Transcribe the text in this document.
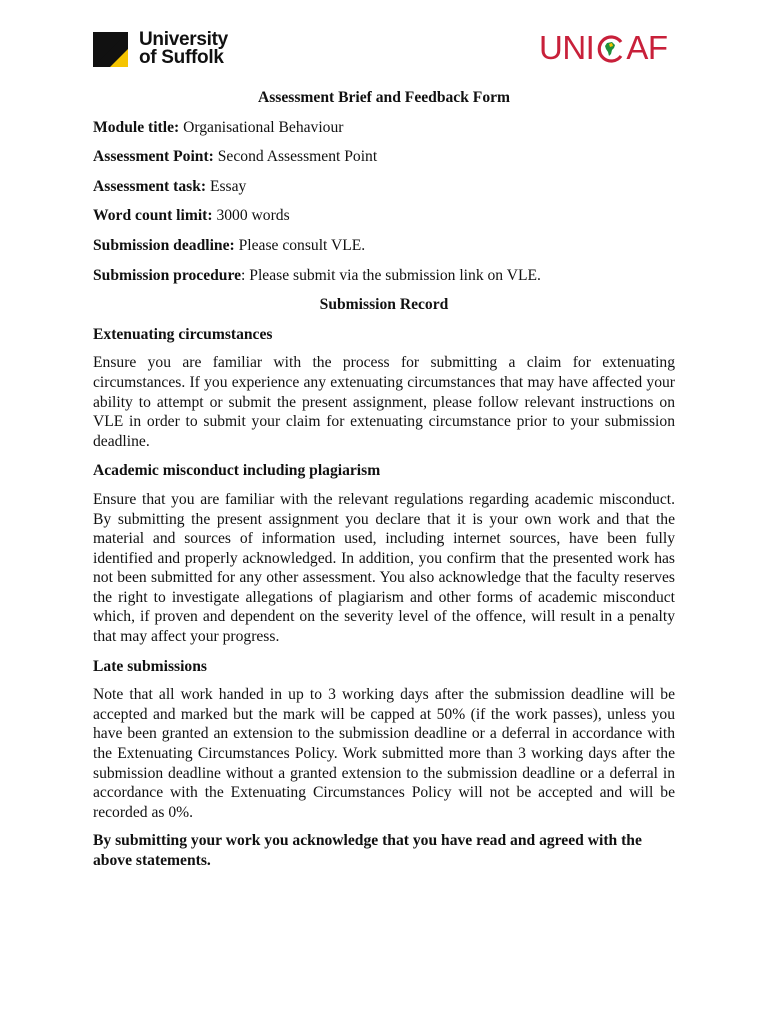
University
of Suffolk	UNI AF
Assessment Brief and Feedback Form
Module title: Organisational Behaviour
Assessment Point: Second Assessment Point
Assessment task: Essay
Word count limit: 3000 words
Submission deadline: Please consult VLE.
Submission procedure: Please submit via the submission link on VLE.
Submission Record
Extenuating circumstances
Ensure you are familiar with the process for submitting a claim for extenuating circumstances. If you experience any extenuating circumstances that may have affected your ability to attempt or submit the present assignment, please follow relevant instructions on VLE in order to submit your claim for extenuating circumstance prior to your submission deadline.
Academic misconduct including plagiarism
Ensure that you are familiar with the relevant regulations regarding academic misconduct. By submitting the present assignment you declare that it is your own work and that the material and sources of information used, including internet sources, have been fully identified and properly acknowledged. In addition, you confirm that the presented work has not been submitted for any other assessment. You also acknowledge that the faculty reserves the right to investigate allegations of plagiarism and other forms of academic misconduct which, if proven and dependent on the severity level of the offence, will result in a penalty that may affect your progress.
Late submissions
Note that all work handed in up to 3 working days after the submission deadline will be accepted and marked but the mark will be capped at 50% (if the work passes), unless you have been granted an extension to the submission deadline or a deferral in accordance with the Extenuating Circumstances Policy. Work submitted more than 3 working days after the submission deadline without a granted extension to the submission deadline or a deferral in accordance with the Extenuating Circumstances Policy will not be accepted and will be recorded as 0%.
By submitting your work you acknowledge that you have read and agreed with the above statements.
